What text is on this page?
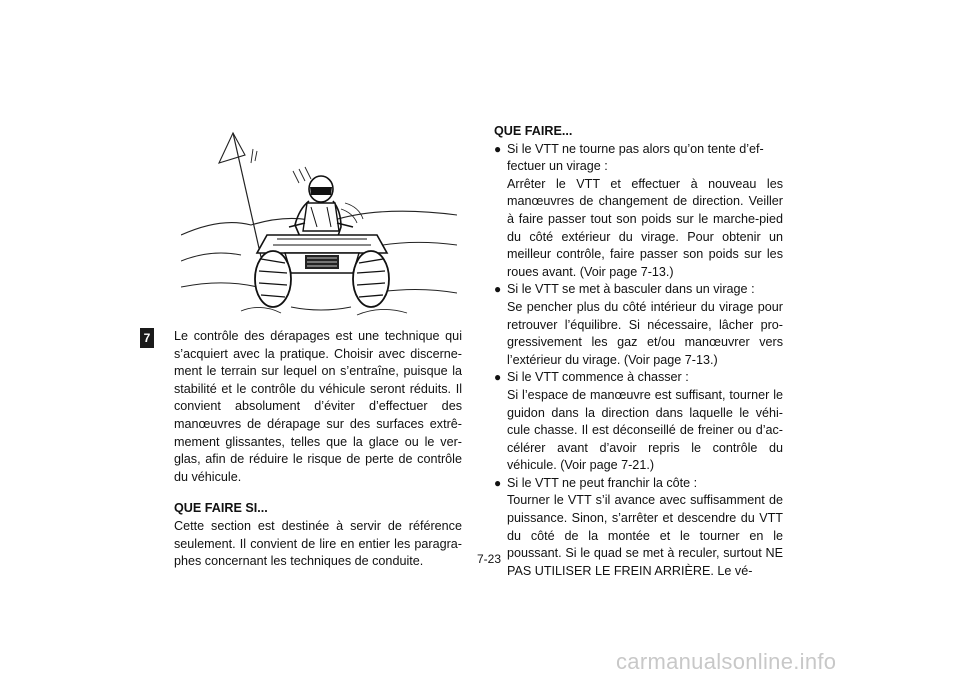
7 Le contrôle des dérapages est une technique qui s’acquiert avec la pratique. Choisir avec discerne- ment le terrain sur lequel on s’entraîne, puisque la stabilité et le contrôle du véhicule seront réduits. Il convient absolument d’éviter d’effectuer des manœuvres de dérapage sur des surfaces extrê- mement glissantes, telles que la glace ou le ver- glas, afin de réduire le risque de perte de contrôle du véhicule.

QUE FAIRE SI...

Cette section est destinée à servir de référence seulement. Il convient de lire en entier les paragra- phes concernant les techniques de conduite.

QUE FAIRE...

● Si le VTT ne tourne pas alors qu’on tente d’ef-

fectuer un virage :
Arrêter le VTT et effectuer à nouveau les manœuvres de changement de direction. Veiller à faire passer tout son poids sur le marche-pied du côté extérieur du virage. Pour obtenir un meilleur contrôle, faire passer son poids sur les roues avant. (Voir page 7-13.)

● Si le VTT se met à basculer dans un virage :

Se pencher plus du côté intérieur du virage pour retrouver l’équilibre. Si nécessaire, lâcher pro- gressivement les gaz et/ou manœuvrer vers l’extérieur du virage. (Voir page 7-13.)

● Si le VTT commence à chasser :

Si l’espace de manœuvre est suffisant, tourner le guidon dans la direction dans laquelle le véhi- cule chasse. Il est déconseillé de freiner ou d’ac- célérer avant d’avoir repris le contrôle du véhicule. (Voir page 7-21.)

● Si le VTT ne peut franchir la côte :

Tourner le VTT s’il avance avec suffisamment de puissance. Sinon, s’arrêter et descendre du VTT du côté de la montée et le tourner en le poussant. Si le quad se met à reculer, surtout NE PAS UTILISER LE FREIN ARRIÈRE. Le vé-

7-23
carmanualsonline.info
